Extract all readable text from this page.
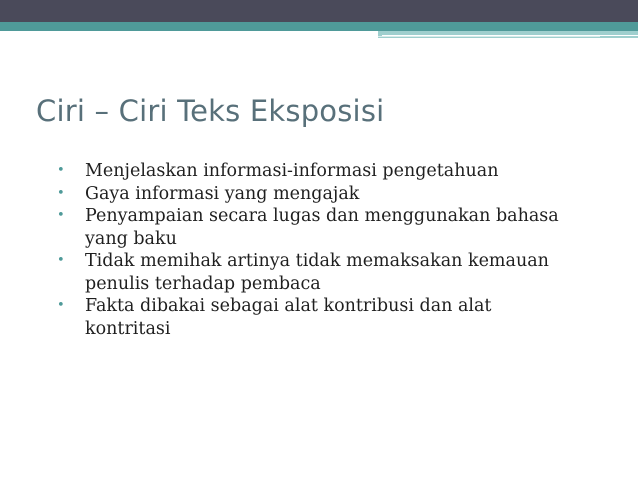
Ciri – Ciri Teks Eksposisi
•	Menjelaskan informasi-informasi pengetahuan
•	Gaya informasi yang mengajak
•	Penyampaian secara lugas dan menggunakan bahasa yang baku
•	Tidak memihak artinya tidak memaksakan kemauan penulis terhadap pembaca
•	Fakta dibakai sebagai alat kontribusi dan alat kontritasi
